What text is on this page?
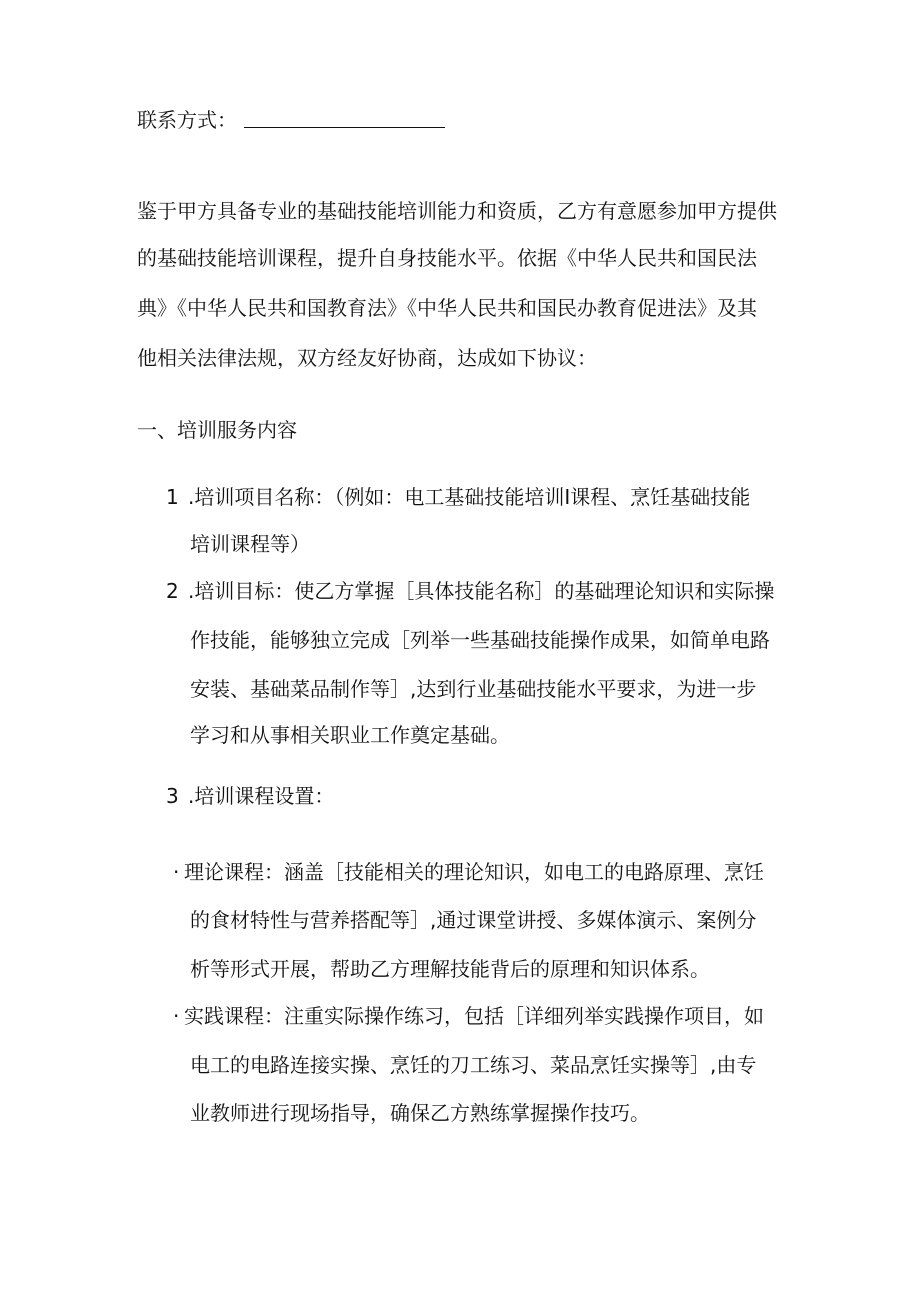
联系方式：
鉴于甲方具备专业的基础技能培训能力和资质，乙方有意愿参加甲方提供
的基础技能培训课程，提升自身技能水平。依据《中华人民共和国民法
典》《中华人民共和国教育法》《中华人民共和国民办教育促进法》及其
他相关法律法规，双方经友好协商，达成如下协议：
一、培训服务内容
1 .培训项目名称：（例如：电工基础技能培训I课程、烹饪基础技能
培训课程等）
2 .培训目标：使乙方掌握［具体技能名称］的基础理论知识和实际操
作技能，能够独立完成［列举一些基础技能操作成果，如简单电路
安装、基础菜品制作等］,达到行业基础技能水平要求，为进一步
学习和从事相关职业工作奠定基础。
3 .培训课程设置：
· 理论课程：涵盖［技能相关的理论知识，如电工的电路原理、烹饪
的食材特性与营养搭配等］,通过课堂讲授、多媒体演示、案例分
析等形式开展，帮助乙方理解技能背后的原理和知识体系。
· 实践课程：注重实际操作练习，包括［详细列举实践操作项目，如
电工的电路连接实操、烹饪的刀工练习、菜品烹饪实操等］,由专
业教师进行现场指导，确保乙方熟练掌握操作技巧。
